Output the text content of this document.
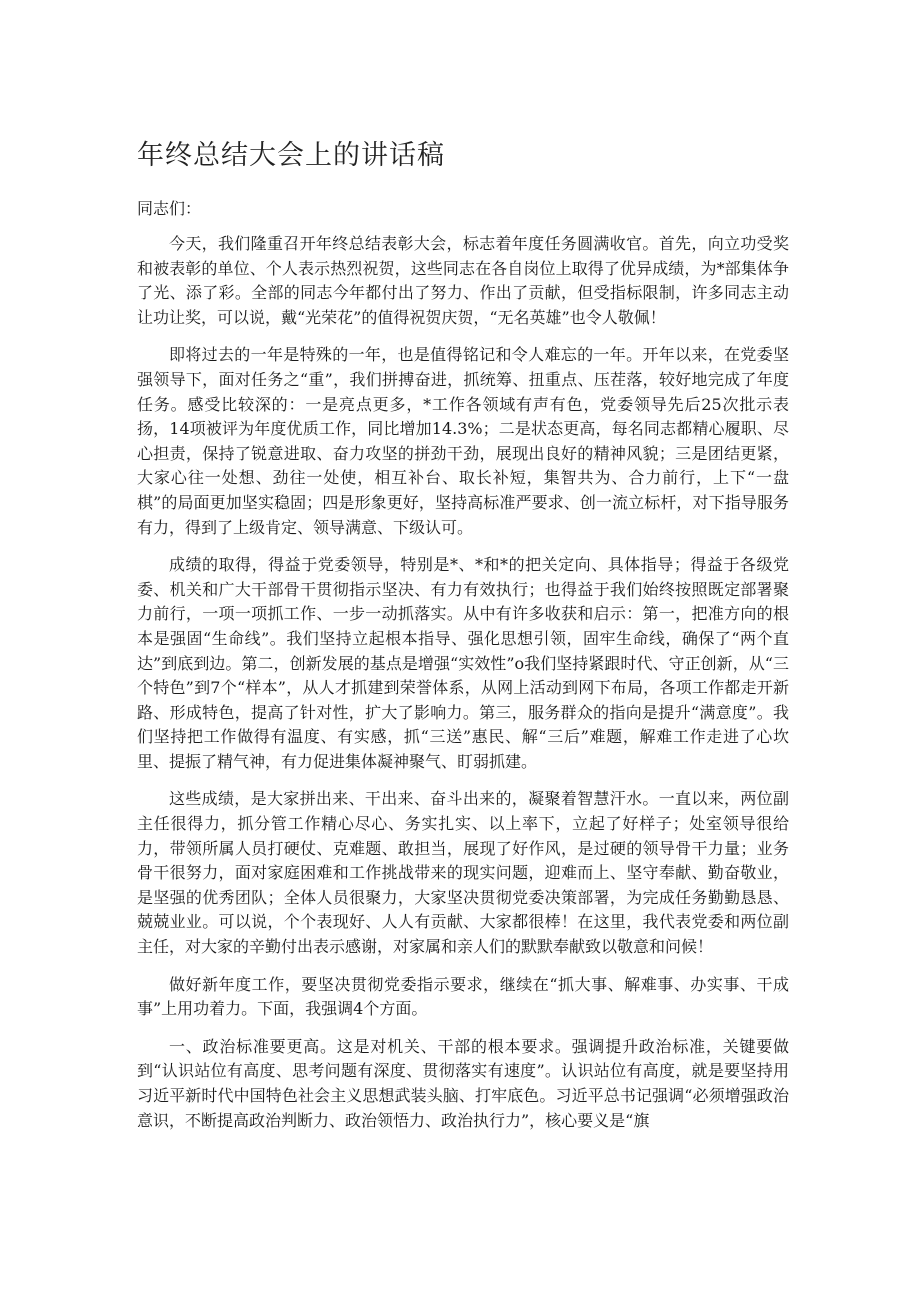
年终总结大会上的讲话稿

同志们：

今天，我们隆重召开年终总结表彰大会，标志着年度任务圆满收官。首先，向立功受奖和被表彰的单位、个人表示热烈祝贺，这些同志在各自岗位上取得了优异成绩，为*部集体争了光、添了彩。全部的同志今年都付出了努力、作出了贡献，但受指标限制，许多同志主动让功让奖，可以说，戴“光荣花”的值得祝贺庆贺，“无名英雄”也令人敬佩！

即将过去的一年是特殊的一年，也是值得铭记和令人难忘的一年。开年以来，在党委坚强领导下，面对任务之“重”，我们拼搏奋进，抓统筹、扭重点、压茬落，较好地完成了年度任务。感受比较深的：一是亮点更多，*工作各领域有声有色，党委领导先后25次批示表扬，14项被评为年度优质工作，同比增加14.3%；二是状态更高，每名同志都精心履职、尽心担责，保持了锐意进取、奋力攻坚的拼劲干劲，展现出良好的精神风貌；三是团结更紧，大家心往一处想、劲往一处使，相互补台、取长补短，集智共为、合力前行，上下“一盘棋”的局面更加坚实稳固；四是形象更好，坚持高标准严要求、创一流立标杆，对下指导服务有力，得到了上级肯定、领导满意、下级认可。

成绩的取得，得益于党委领导，特别是*、*和*的把关定向、具体指导；得益于各级党委、机关和广大干部骨干贯彻指示坚决、有力有效执行；也得益于我们始终按照既定部署聚力前行，一项一项抓工作、一步一动抓落实。从中有许多收获和启示：第一，把准方向的根本是强固“生命线”。我们坚持立起根本指导、强化思想引领，固牢生命线，确保了“两个直达”到底到边。第二，创新发展的基点是增强“实效性”o我们坚持紧跟时代、守正创新，从“三个特色”到7个“样本”，从人才抓建到荣誉体系，从网上活动到网下布局，各项工作都走开新路、形成特色，提高了针对性，扩大了影响力。第三，服务群众的指向是提升“满意度”。我们坚持把工作做得有温度、有实感，抓“三送”惠民、解“三后”难题，解难工作走进了心坎里、提振了精气神，有力促进集体凝神聚气、盯弱抓建。

这些成绩，是大家拼出来、干出来、奋斗出来的，凝聚着智慧汗水。一直以来，两位副主任很得力，抓分管工作精心尽心、务实扎实、以上率下，立起了好样子；处室领导很给力，带领所属人员打硬仗、克难题、敢担当，展现了好作风，是过硬的领导骨干力量；业务骨干很努力，面对家庭困难和工作挑战带来的现实问题，迎难而上、坚守奉献、勤奋敬业，是坚强的优秀团队；全体人员很聚力，大家坚决贯彻党委决策部署，为完成任务勤勤恳恳、兢兢业业。可以说，个个表现好、人人有贡献、大家都很棒！在这里，我代表党委和两位副主任，对大家的辛勤付出表示感谢，对家属和亲人们的默默奉献致以敬意和问候！

做好新年度工作，要坚决贯彻党委指示要求，继续在“抓大事、解难事、办实事、干成事”上用功着力。下面，我强调4个方面。

一、政治标准要更高。这是对机关、干部的根本要求。强调提升政治标准，关键要做到“认识站位有高度、思考问题有深度、贯彻落实有速度”。认识站位有高度，就是要坚持用习近平新时代中国特色社会主义思想武装头脑、打牢底色。习近平总书记强调“必须增强政治意识，不断提高政治判断力、政治领悟力、政治执行力”，核心要义是“旗
